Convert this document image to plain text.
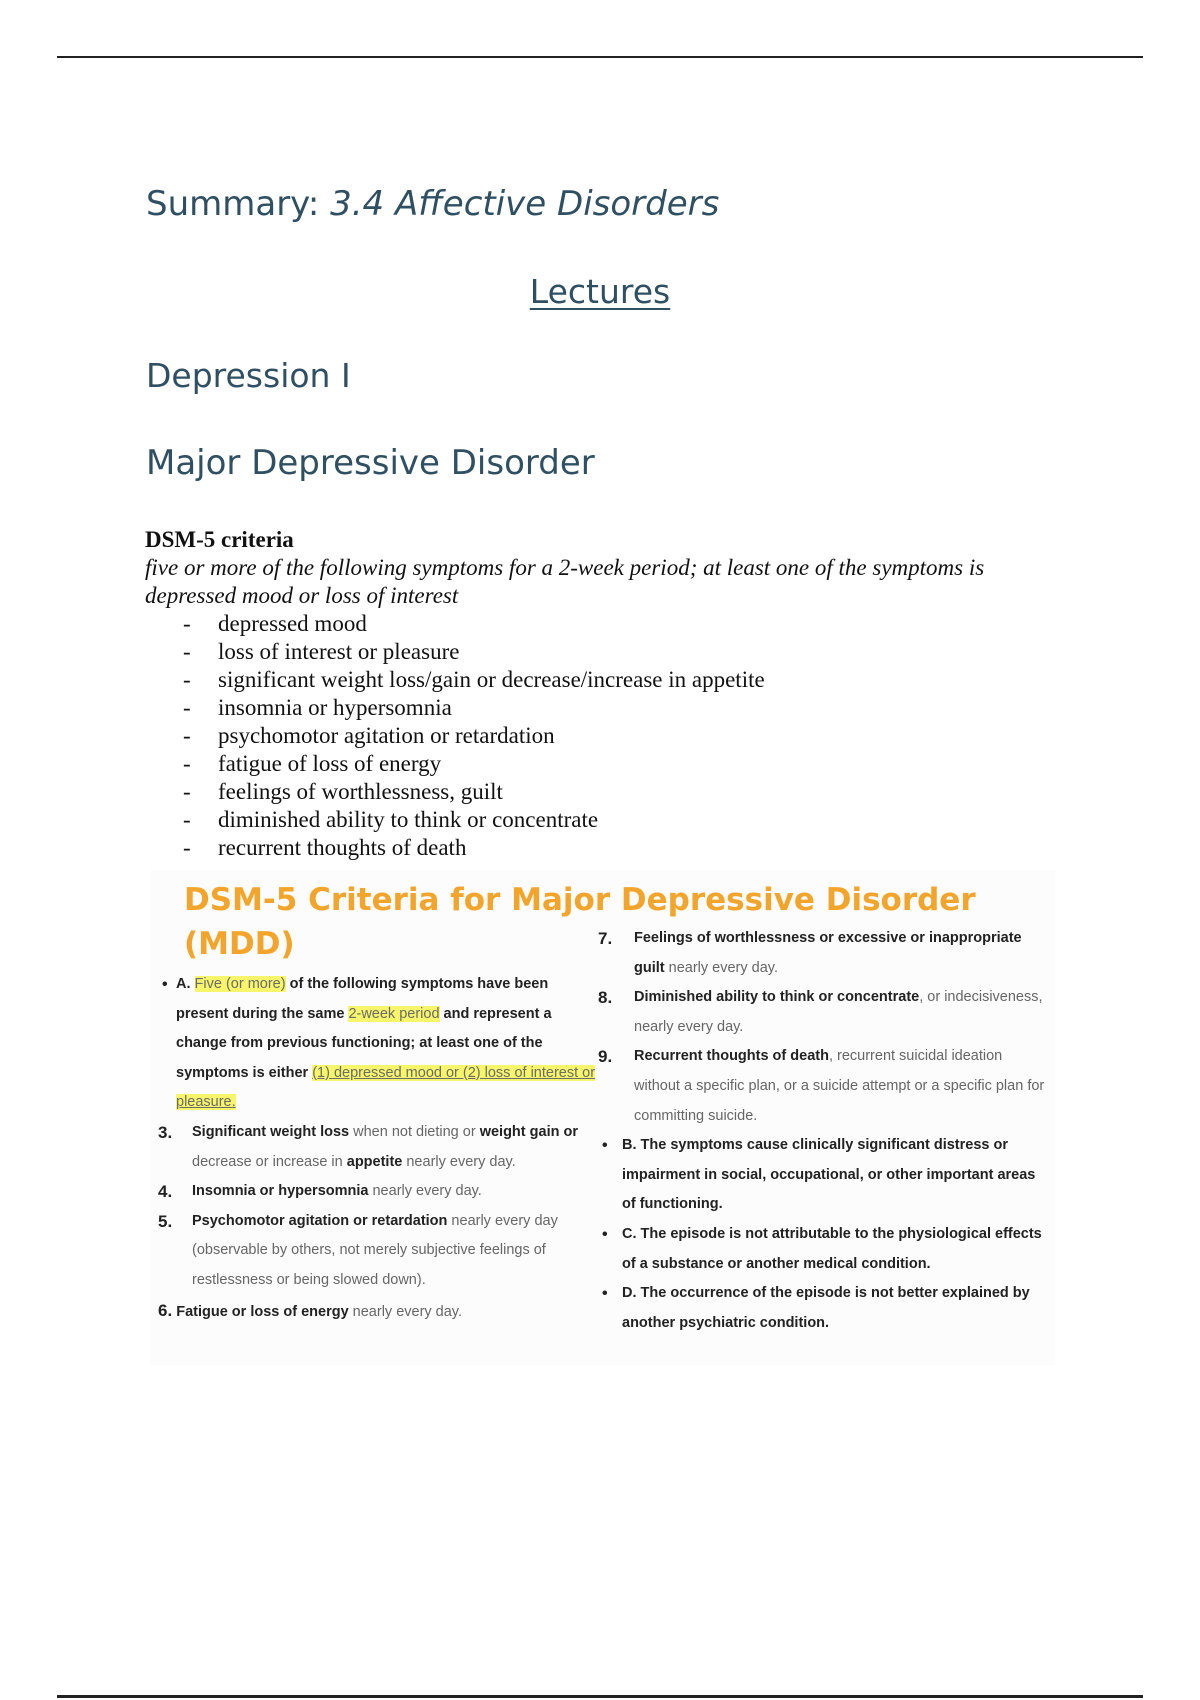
Summary: 3.4 Affective Disorders
Lectures
Depression I
Major Depressive Disorder
DSM-5 criteria
five or more of the following symptoms for a 2-week period; at least one of the symptoms is depressed mood or loss of interest
- depressed mood
- loss of interest or pleasure
- significant weight loss/gain or decrease/increase in appetite
- insomnia or hypersomnia
- psychomotor agitation or retardation
- fatigue of loss of energy
- feelings of worthlessness, guilt
- diminished ability to think or concentrate
- recurrent thoughts of death
DSM-5 Criteria for Major Depressive Disorder
(MDD)
• A. Five (or more) of the following symptoms have been present during the same 2-week period and represent a change from previous functioning; at least one of the symptoms is either (1) depressed mood or (2) loss of interest or pleasure.
3. Significant weight loss when not dieting or weight gain or decrease or increase in appetite nearly every day.
4. Insomnia or hypersomnia nearly every day.
5. Psychomotor agitation or retardation nearly every day (observable by others, not merely subjective feelings of restlessness or being slowed down).
6. Fatigue or loss of energy nearly every day.
7. Feelings of worthlessness or excessive or inappropriate guilt nearly every day.
8. Diminished ability to think or concentrate, or indecisiveness, nearly every day.
9. Recurrent thoughts of death, recurrent suicidal ideation without a specific plan, or a suicide attempt or a specific plan for committing suicide.
• B. The symptoms cause clinically significant distress or impairment in social, occupational, or other important areas of functioning.
• C. The episode is not attributable to the physiological effects of a substance or another medical condition.
• D. The occurrence of the episode is not better explained by another psychiatric condition.
